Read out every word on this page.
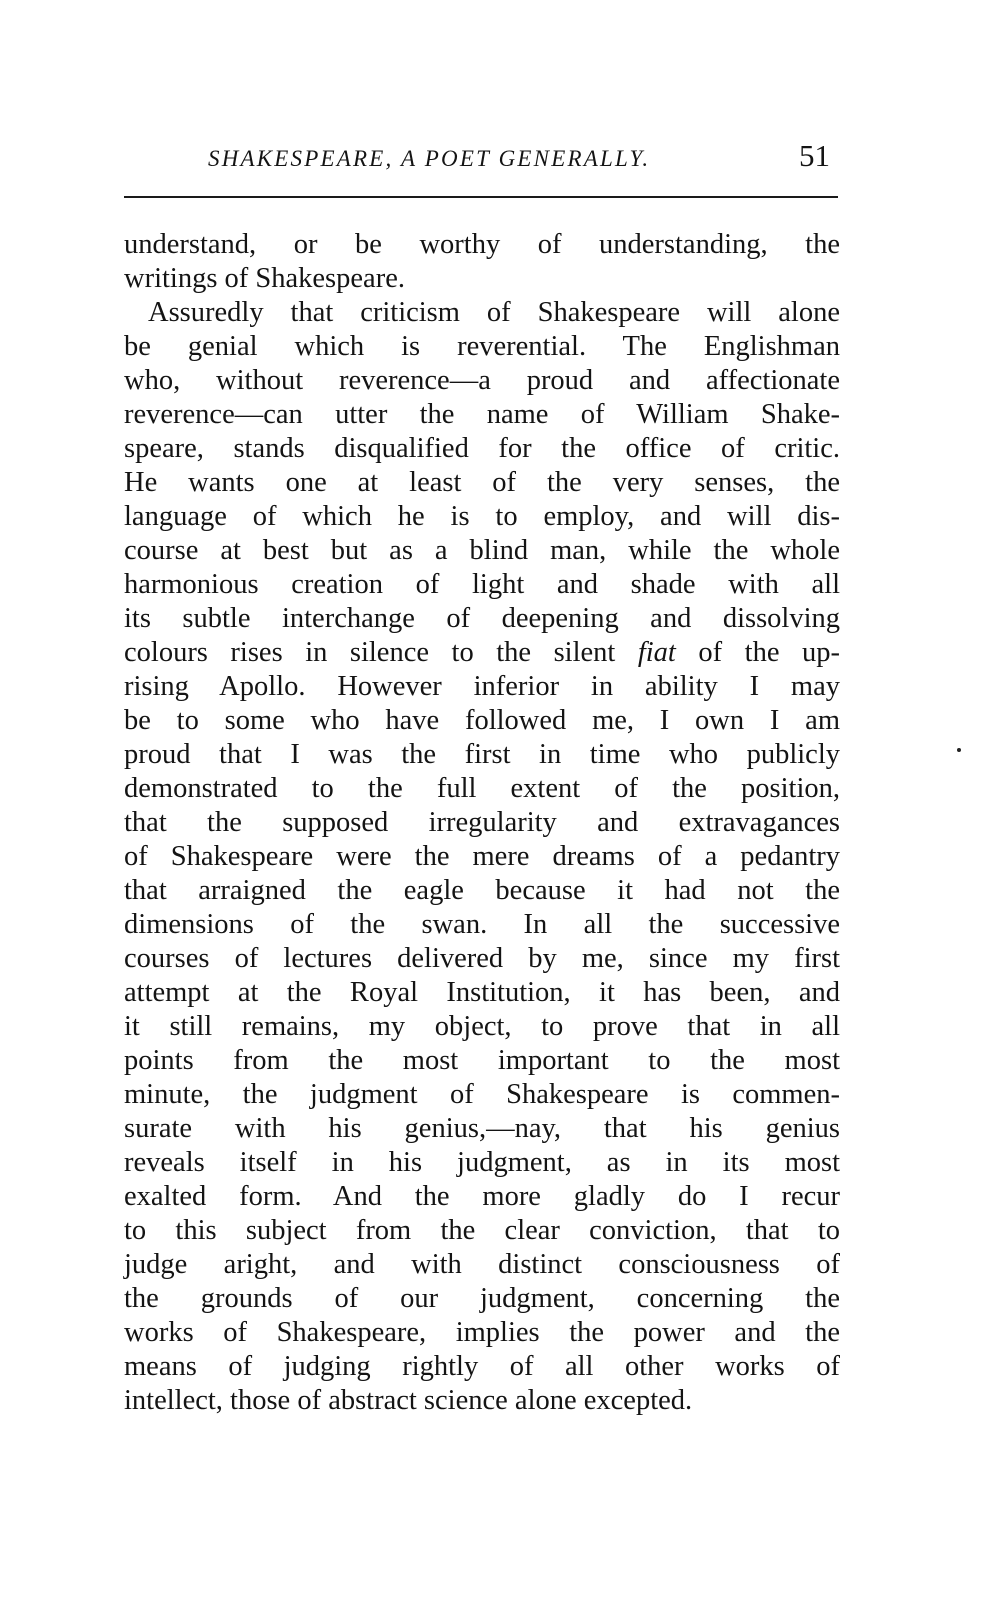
SHAKESPEARE, A POET GENERALLY.	51
understand, or be worthy of understanding, the
writings of Shakespeare.
Assuredly that criticism of Shakespeare will alone
be genial which is reverential. The Englishman
who, without reverence—a proud and affectionate
reverence—can utter the name of William Shake-
speare, stands disqualified for the office of critic.
He wants one at least of the very senses, the
language of which he is to employ, and will dis-
course at best but as a blind man, while the whole
harmonious creation of light and shade with all
its subtle interchange of deepening and dissolving
colours rises in silence to the silent fiat of the up-
rising Apollo. However inferior in ability I may
be to some who have followed me, I own I am
proud that I was the first in time who publicly
demonstrated to the full extent of the position,
that the supposed irregularity and extravagances
of Shakespeare were the mere dreams of a pedantry
that arraigned the eagle because it had not the
dimensions of the swan. In all the successive
courses of lectures delivered by me, since my first
attempt at the Royal Institution, it has been, and
it still remains, my object, to prove that in all
points from the most important to the most
minute, the judgment of Shakespeare is commen-
surate with his genius,—nay, that his genius
reveals itself in his judgment, as in its most
exalted form. And the more gladly do I recur
to this subject from the clear conviction, that to
judge aright, and with distinct consciousness of
the grounds of our judgment, concerning the
works of Shakespeare, implies the power and the
means of judging rightly of all other works of
intellect, those of abstract science alone excepted.
